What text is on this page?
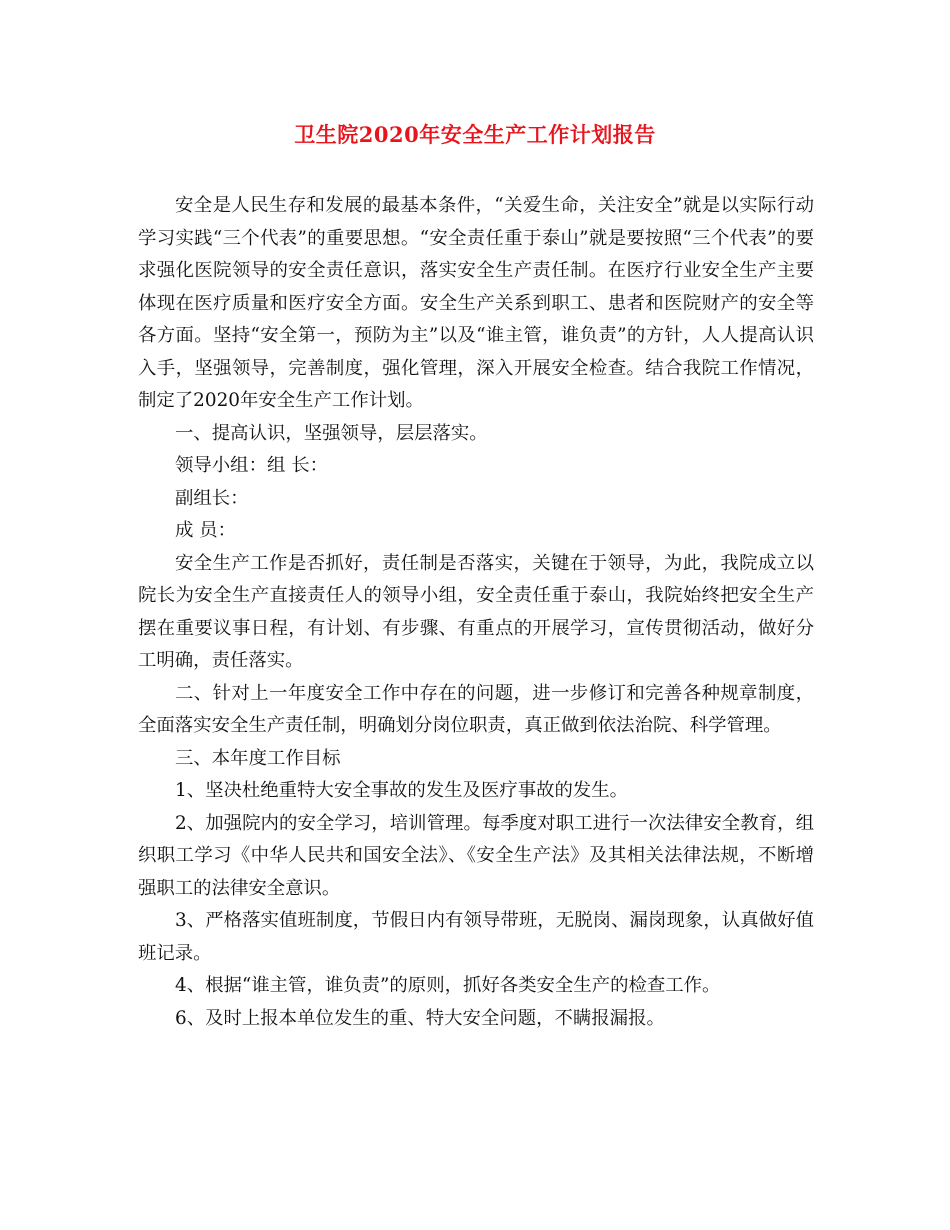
卫生院2020年安全生产工作计划报告

安全是人民生存和发展的最基本条件，“关爱生命，关注安全”就是以实际行动学习实践“三个代表”的重要思想。“安全责任重于泰山”就是要按照“三个代表”的要求强化医院领导的安全责任意识，落实安全生产责任制。在医疗行业安全生产主要体现在医疗质量和医疗安全方面。安全生产关系到职工、患者和医院财产的安全等各方面。坚持“安全第一，预防为主”以及“谁主管，谁负责”的方针，人人提高认识入手，坚强领导，完善制度，强化管理，深入开展安全检查。结合我院工作情况，制定了2020年安全生产工作计划。

一、提高认识，坚强领导，层层落实。

领导小组：组 长：

副组长：

成 员：

安全生产工作是否抓好，责任制是否落实，关键在于领导，为此，我院成立以院长为安全生产直接责任人的领导小组，安全责任重于泰山，我院始终把安全生产摆在重要议事日程，有计划、有步骤、有重点的开展学习，宣传贯彻活动，做好分工明确，责任落实。

二、针对上一年度安全工作中存在的问题，进一步修订和完善各种规章制度，全面落实安全生产责任制，明确划分岗位职责，真正做到依法治院、科学管理。

三、本年度工作目标

1、坚决杜绝重特大安全事故的发生及医疗事故的发生。

2、加强院内的安全学习，培训管理。每季度对职工进行一次法律安全教育，组织职工学习《中华人民共和国安全法》、《安全生产法》及其相关法律法规，不断增强职工的法律安全意识。

3、严格落实值班制度，节假日内有领导带班，无脱岗、漏岗现象，认真做好值班记录。

4、根据“谁主管，谁负责”的原则，抓好各类安全生产的检查工作。

6、及时上报本单位发生的重、特大安全问题，不瞒报漏报。
